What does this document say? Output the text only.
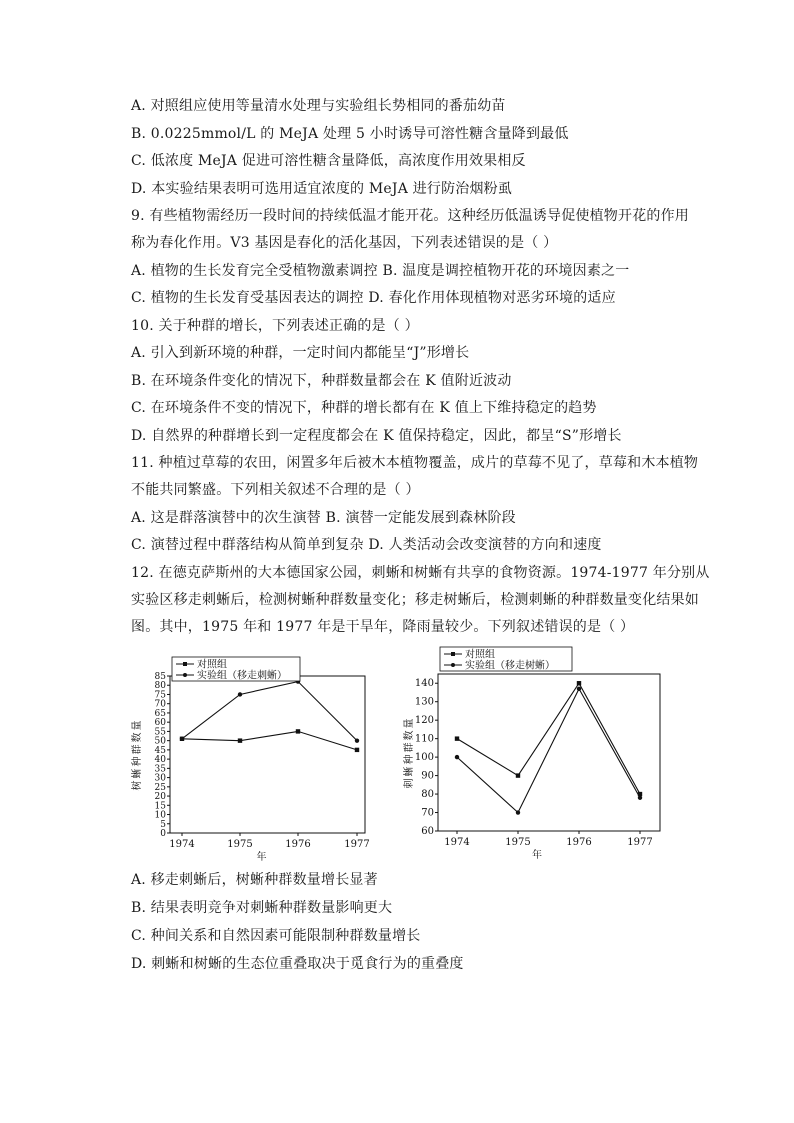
A. 对照组应使用等量清水处理与实验组长势相同的番茄幼苗
B. 0.0225mmol/L 的 MeJA 处理 5 小时诱导可溶性糖含量降到最低
C. 低浓度 MeJA 促进可溶性糖含量降低，高浓度作用效果相反
D. 本实验结果表明可选用适宜浓度的 MeJA 进行防治烟粉虱
9. 有些植物需经历一段时间的持续低温才能开花。这种经历低温诱导促使植物开花的作用
称为春化作用。V3 基因是春化的活化基因，下列表述错误的是（ ）
A. 植物的生长发育完全受植物激素调控 B. 温度是调控植物开花的环境因素之一
C. 植物的生长发育受基因表达的调控 D. 春化作用体现植物对恶劣环境的适应
10. 关于种群的增长，下列表述正确的是（ ）
A. 引入到新环境的种群，一定时间内都能呈“J”形增长
B. 在环境条件变化的情况下，种群数量都会在 K 值附近波动
C. 在环境条件不变的情况下，种群的增长都有在 K 值上下维持稳定的趋势
D. 自然界的种群增长到一定程度都会在 K 值保持稳定，因此，都呈“S”形增长
11. 种植过草莓的农田，闲置多年后被木本植物覆盖，成片的草莓不见了，草莓和木本植物
不能共同繁盛。下列相关叙述不合理的是（ ）
A. 这是群落演替中的次生演替 B. 演替一定能发展到森林阶段
C. 演替过程中群落结构从简单到复杂 D. 人类活动会改变演替的方向和速度
12. 在德克萨斯州的大本德国家公园，刺蜥和树蜥有共享的食物资源。1974-1977 年分别从
实验区移走刺蜥后，检测树蜥种群数量变化；移走树蜥后，检测刺蜥的种群数量变化结果如
图。其中，1975 年和 1977 年是干旱年，降雨量较少。下列叙述错误的是（ ）
0
5
10
15
20
25
30
35
40
45
50
55
60
65
70
75
80
85
1974	1975	1976	1977
年
树蜥种群数量
对照组
实验组（移走刺蜥）
60
70
80
90
100
110
120
130
140
1974	1975	1976	1977
年
刺蜥种群数量
对照组
实验组（移走树蜥）
A. 移走刺蜥后，树蜥种群数量增长显著
B. 结果表明竞争对刺蜥种群数量影响更大
C. 种间关系和自然因素可能限制种群数量增长
D. 刺蜥和树蜥的生态位重叠取决于觅食行为的重叠度
